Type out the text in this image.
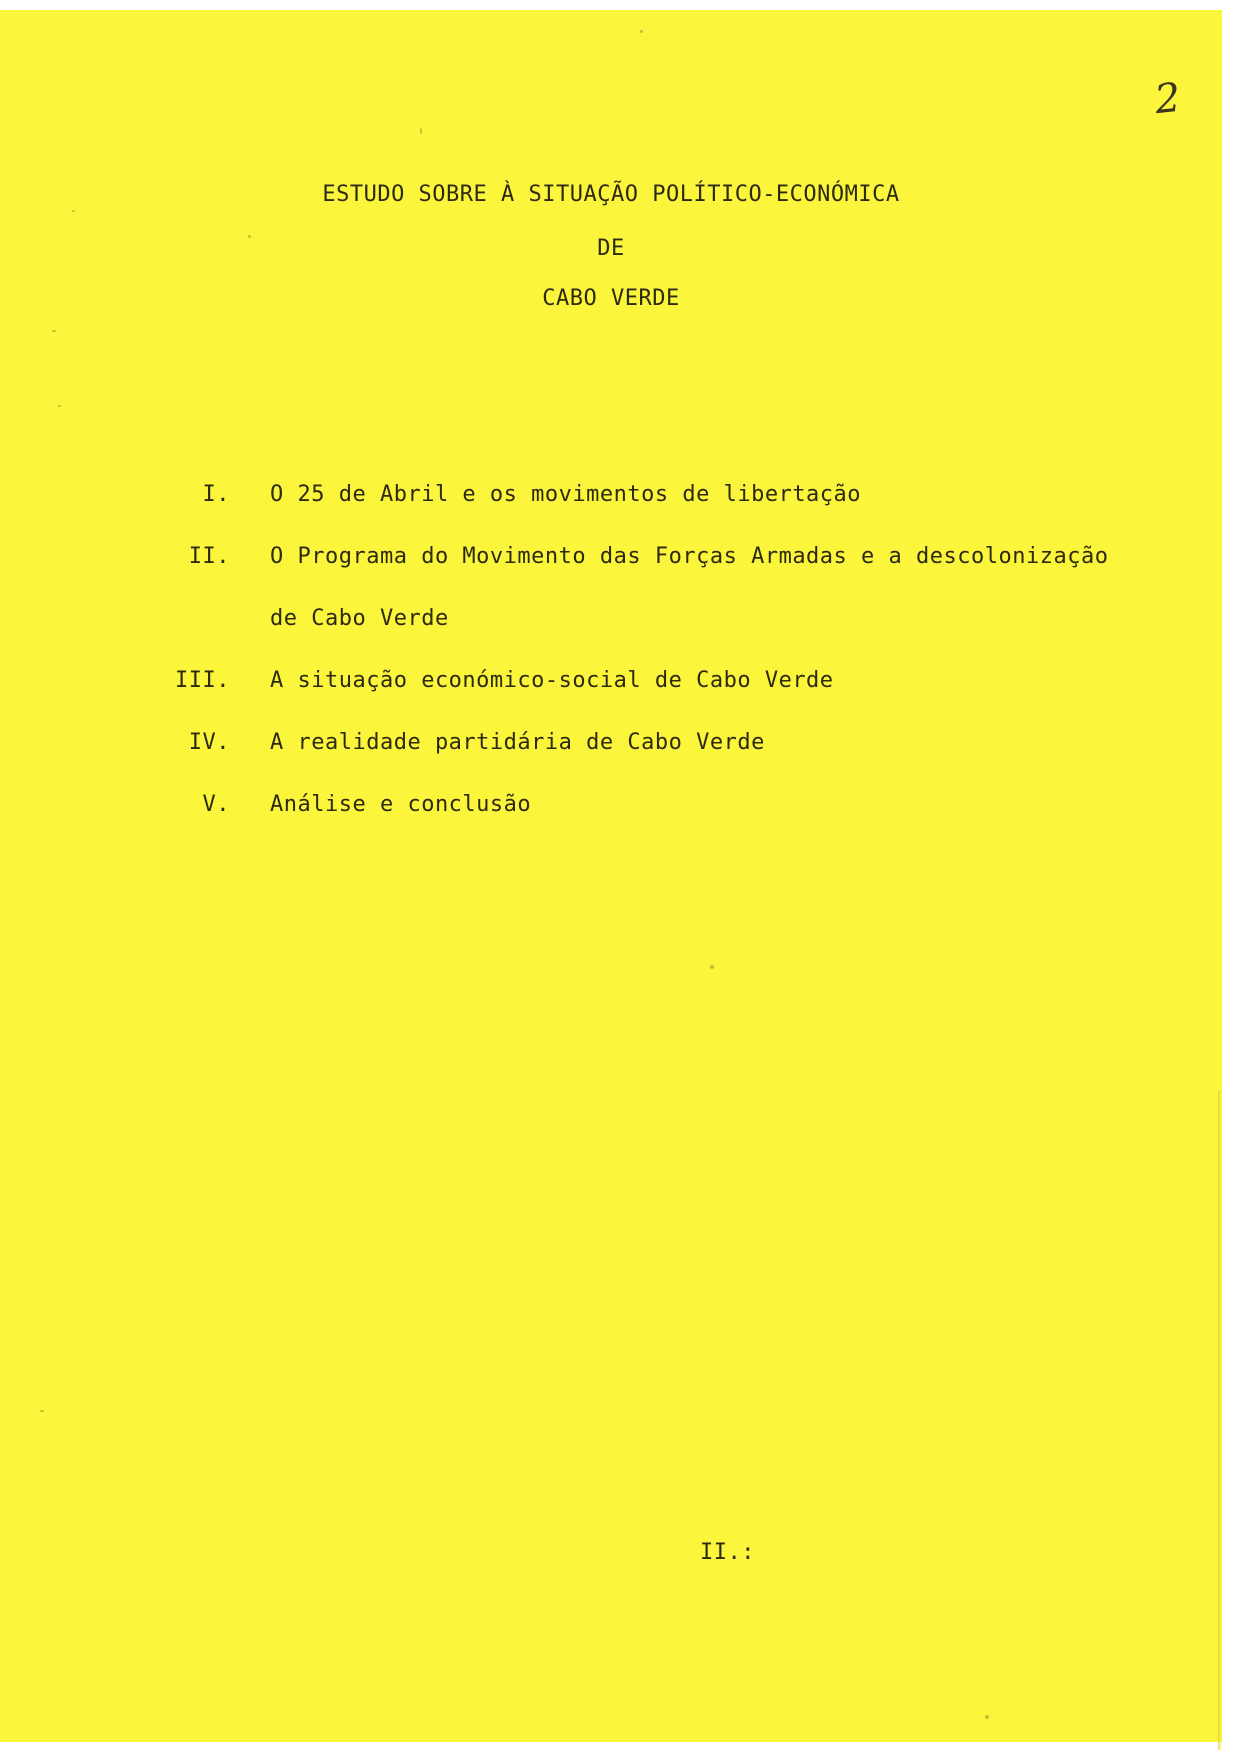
2
ESTUDO SOBRE À SITUAÇÃO POLÍTICO-ECONÓMICA
DE
CABO VERDE
I. O 25 de Abril e os movimentos de libertação
II. O Programa do Movimento das Forças Armadas e a descolonização
de Cabo Verde
III. A situação económico-social de Cabo Verde
IV. A realidade partidária de Cabo Verde
V. Análise e conclusão
II.:
